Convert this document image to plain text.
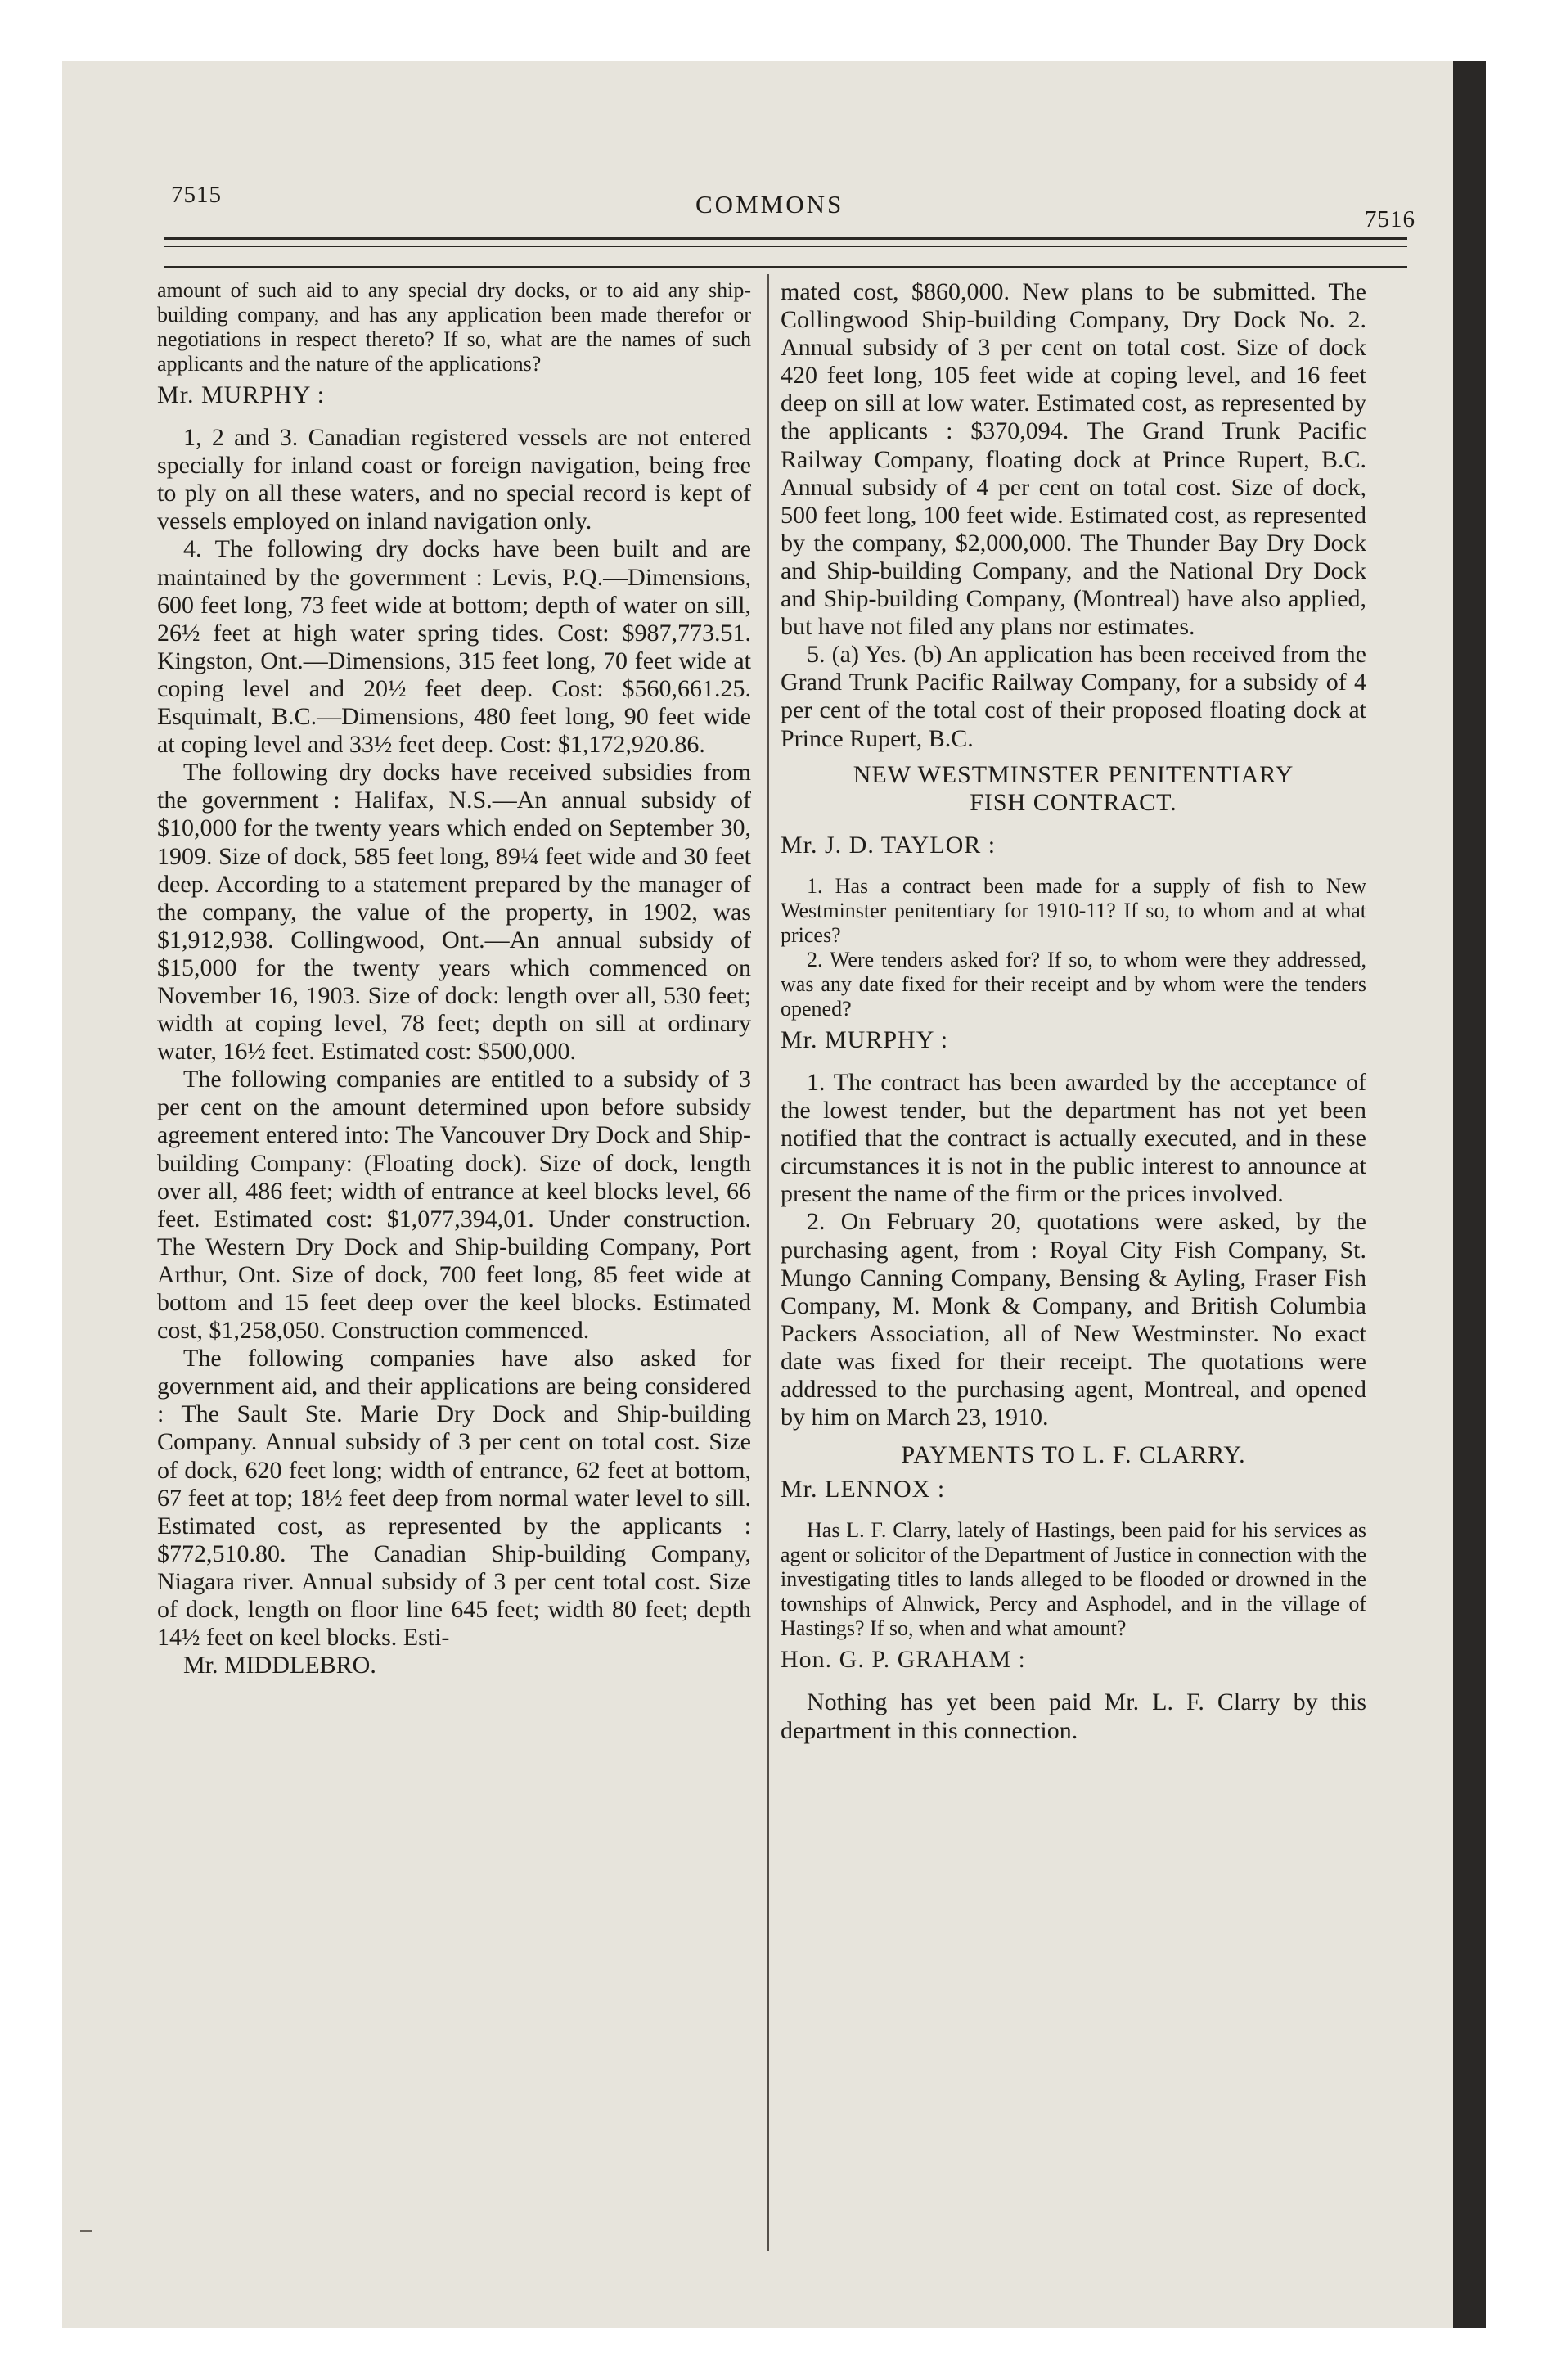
7515	COMMONS
7516

amount of such aid to any special dry docks, or to aid any ship-building company, and has any application been made therefor or negotiations in respect thereto? If so, what are the names of such applicants and the nature of the applications?

Mr. MURPHY :

1, 2 and 3. Canadian registered vessels are not entered specially for inland coast or foreign navigation, being free to ply on all these waters, and no special record is kept of vessels employed on inland navigation only.

4. The following dry docks have been built and are maintained by the government : Levis, P.Q.—Dimensions, 600 feet long, 73 feet wide at bottom; depth of water on sill, 26½ feet at high water spring tides. Cost: $987,773.51. Kingston, Ont.—Dimensions, 315 feet long, 70 feet wide at coping level and 20½ feet deep. Cost: $560,661.25. Esquimalt, B.C.—Dimensions, 480 feet long, 90 feet wide at coping level and 33½ feet deep. Cost: $1,172,920.86.

The following dry docks have received subsidies from the government : Halifax, N.S.—An annual subsidy of $10,000 for the twenty years which ended on September 30, 1909. Size of dock, 585 feet long, 89¼ feet wide and 30 feet deep. According to a statement prepared by the manager of the company, the value of the property, in 1902, was $1,912,938. Collingwood, Ont.—An annual subsidy of $15,000 for the twenty years which commenced on November 16, 1903. Size of dock: length over all, 530 feet; width at coping level, 78 feet; depth on sill at ordinary water, 16½ feet. Estimated cost: $500,000.

The following companies are entitled to a subsidy of 3 per cent on the amount determined upon before subsidy agreement entered into: The Vancouver Dry Dock and Ship-building Company: (Floating dock). Size of dock, length over all, 486 feet; width of entrance at keel blocks level, 66 feet. Estimated cost: $1,077,394,01. Under construction. The Western Dry Dock and Ship-building Company, Port Arthur, Ont. Size of dock, 700 feet long, 85 feet wide at bottom and 15 feet deep over the keel blocks. Estimated cost, $1,258,050. Construction commenced.

The following companies have also asked for government aid, and their applications are being considered : The Sault Ste. Marie Dry Dock and Ship-building Company. Annual subsidy of 3 per cent on total cost. Size of dock, 620 feet long; width of entrance, 62 feet at bottom, 67 feet at top; 18½ feet deep from normal water level to sill. Estimated cost, as represented by the applicants : $772,510.80. The Canadian Ship-building Company, Niagara river. Annual subsidy of 3 per cent total cost. Size of dock, length on floor line 645 feet; width 80 feet; depth 14½ feet on keel blocks. Esti-

Mr. MIDDLEBRO.

mated cost, $860,000. New plans to be submitted. The Collingwood Ship-building Company, Dry Dock No. 2. Annual subsidy of 3 per cent on total cost. Size of dock 420 feet long, 105 feet wide at coping level, and 16 feet deep on sill at low water. Estimated cost, as represented by the applicants : $370,094. The Grand Trunk Pacific Railway Company, floating dock at Prince Rupert, B.C. Annual subsidy of 4 per cent on total cost. Size of dock, 500 feet long, 100 feet wide. Estimated cost, as represented by the company, $2,000,000. The Thunder Bay Dry Dock and Ship-building Company, and the National Dry Dock and Ship-building Company, (Montreal) have also applied, but have not filed any plans nor estimates.

5. (a) Yes. (b) An application has been received from the Grand Trunk Pacific Railway Company, for a subsidy of 4 per cent of the total cost of their proposed floating dock at Prince Rupert, B.C.

NEW WESTMINSTER PENITENTIARY
FISH CONTRACT.

Mr. J. D. TAYLOR :

1. Has a contract been made for a supply of fish to New Westminster penitentiary for 1910-11? If so, to whom and at what prices?

2. Were tenders asked for? If so, to whom were they addressed, was any date fixed for their receipt and by whom were the tenders opened?

Mr. MURPHY :

1. The contract has been awarded by the acceptance of the lowest tender, but the department has not yet been notified that the contract is actually executed, and in these circumstances it is not in the public interest to announce at present the name of the firm or the prices involved.

2. On February 20, quotations were asked, by the purchasing agent, from : Royal City Fish Company, St. Mungo Canning Company, Bensing & Ayling, Fraser Fish Company, M. Monk & Company, and British Columbia Packers Association, all of New Westminster. No exact date was fixed for their receipt. The quotations were addressed to the purchasing agent, Montreal, and opened by him on March 23, 1910.

PAYMENTS TO L. F. CLARRY.

Mr. LENNOX :

Has L. F. Clarry, lately of Hastings, been paid for his services as agent or solicitor of the Department of Justice in connection with the investigating titles to lands alleged to be flooded or drowned in the townships of Alnwick, Percy and Asphodel, and in the village of Hastings? If so, when and what amount?

Hon. G. P. GRAHAM :

Nothing has yet been paid Mr. L. F. Clarry by this department in this connection.
